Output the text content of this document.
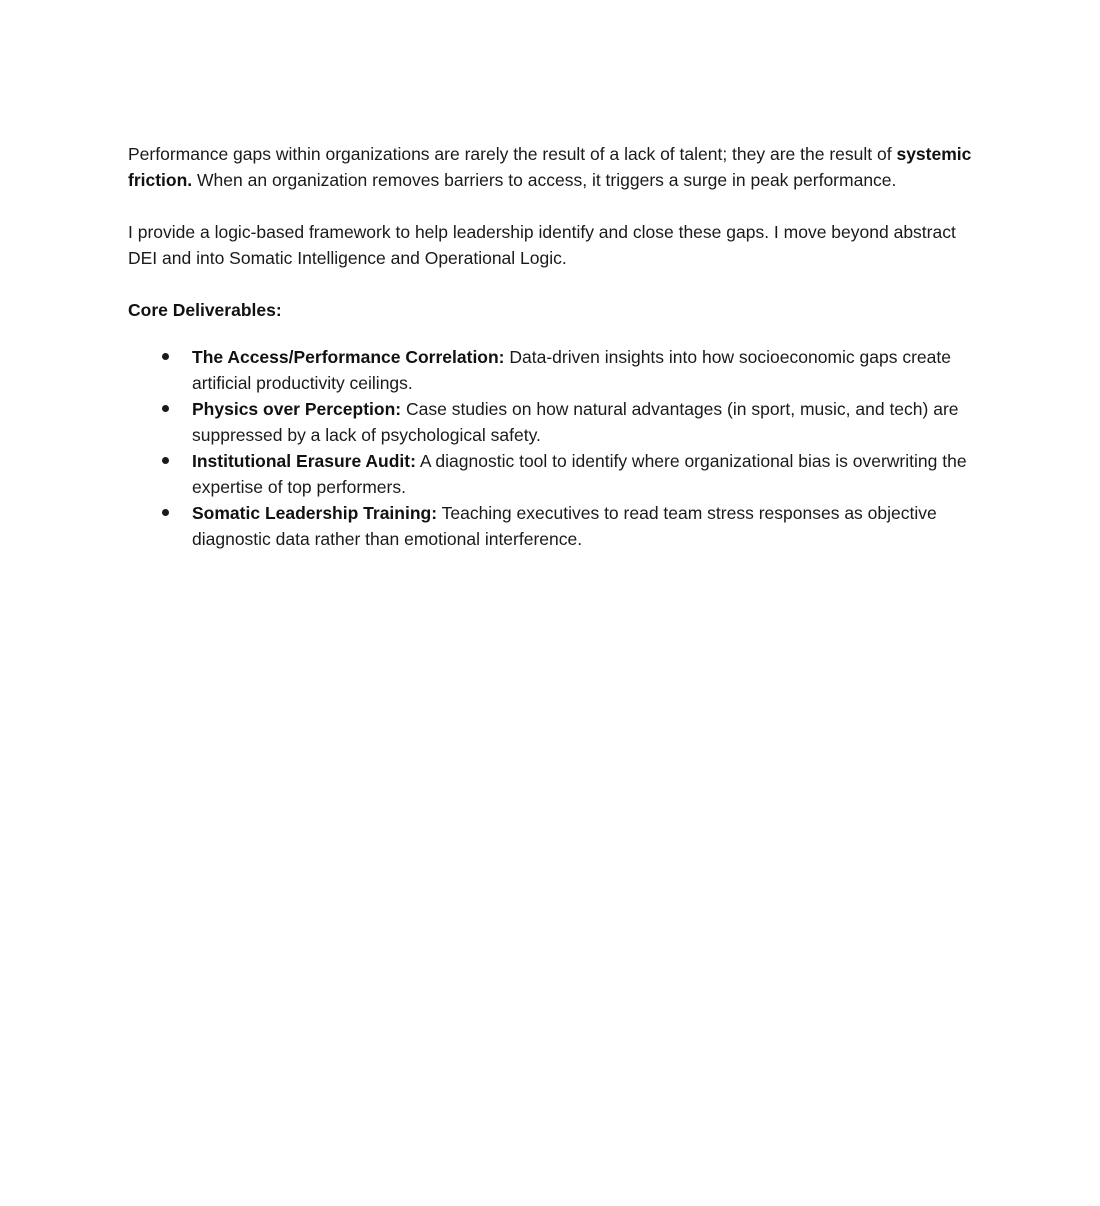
Performance gaps within organizations are rarely the result of a lack of talent; they are the result of systemic friction. When an organization removes barriers to access, it triggers a surge in peak performance.

I provide a logic-based framework to help leadership identify and close these gaps. I move beyond abstract DEI and into Somatic Intelligence and Operational Logic.

Core Deliverables:
The Access/Performance Correlation: Data-driven insights into how socioeconomic gaps create artificial productivity ceilings.
Physics over Perception: Case studies on how natural advantages (in sport, music, and tech) are suppressed by a lack of psychological safety.
Institutional Erasure Audit: A diagnostic tool to identify where organizational bias is overwriting the expertise of top performers.
Somatic Leadership Training: Teaching executives to read team stress responses as objective diagnostic data rather than emotional interference.
